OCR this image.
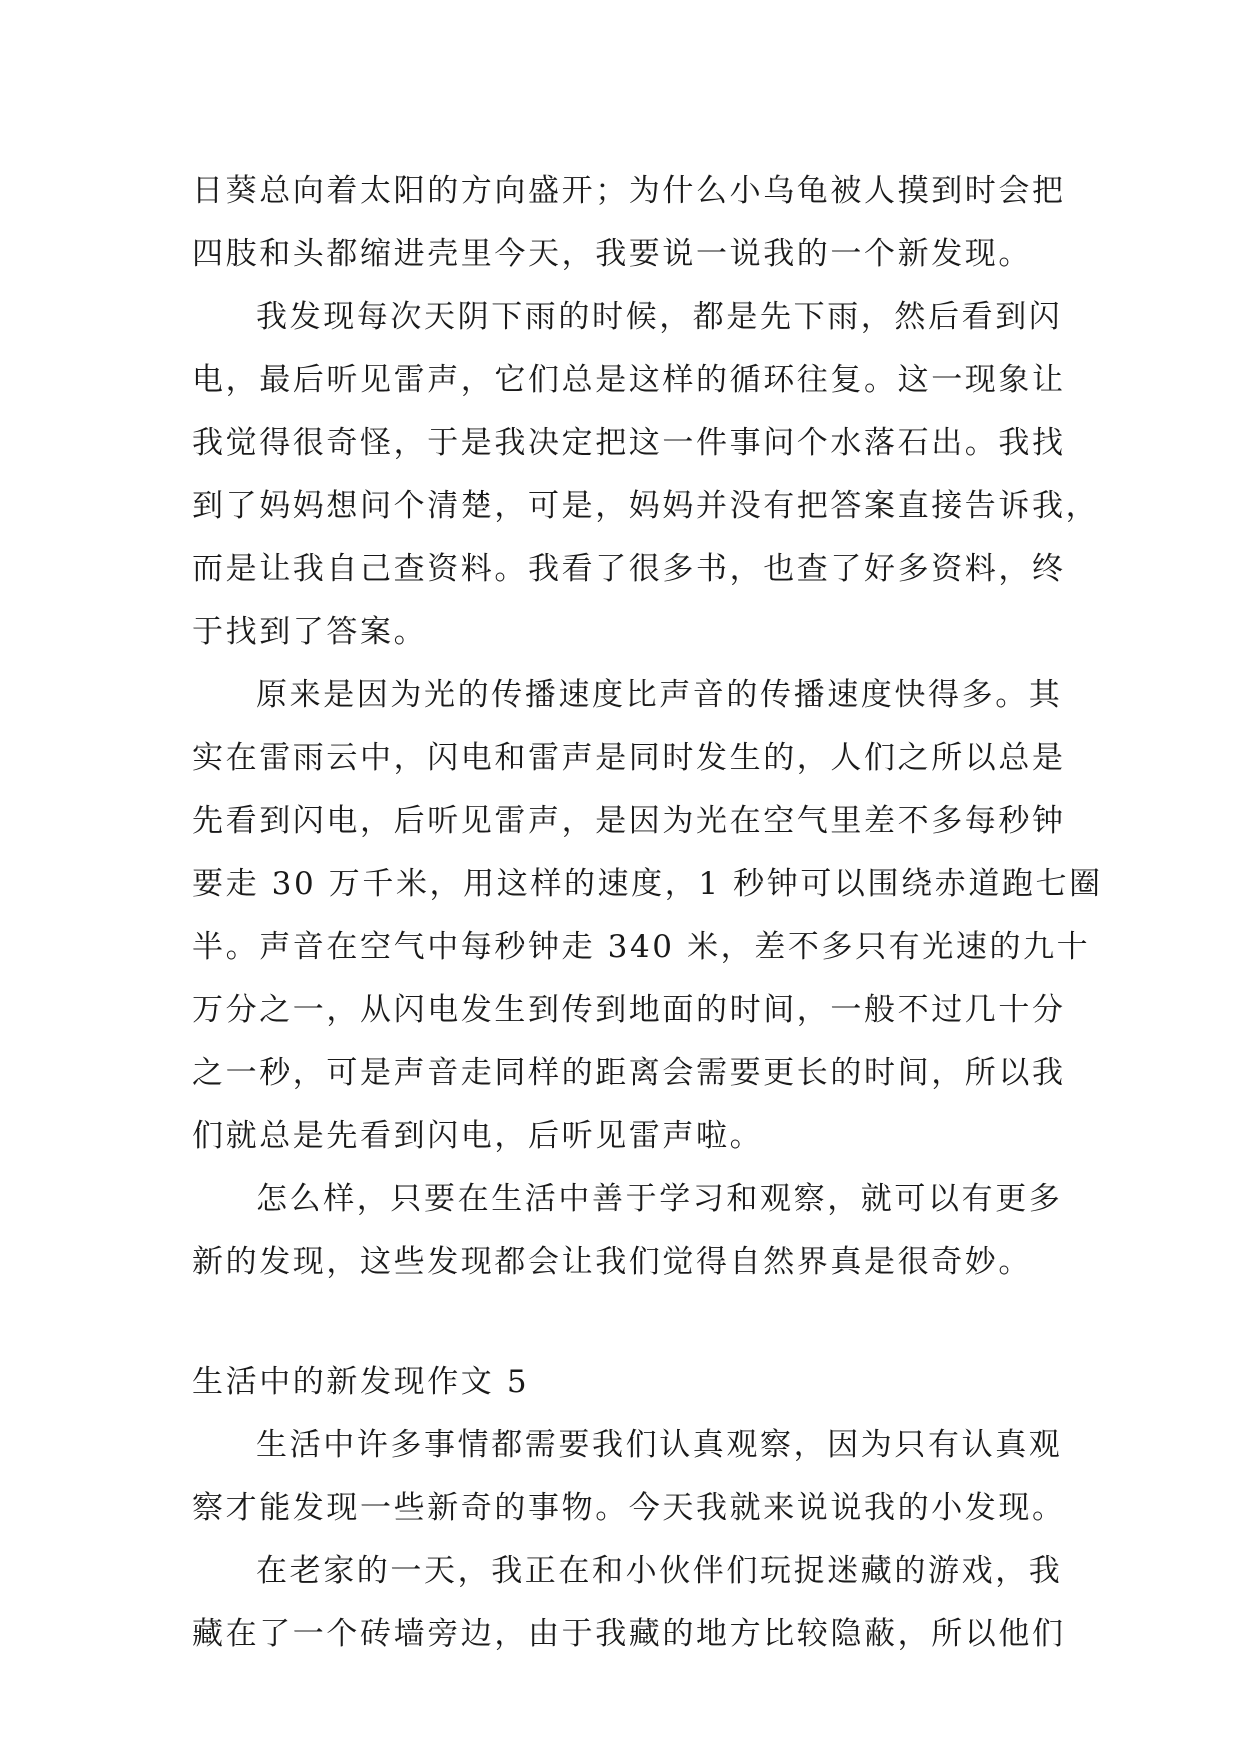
日葵总向着太阳的方向盛开；为什么小乌龟被人摸到时会把
四肢和头都缩进壳里今天，我要说一说我的一个新发现。
我发现每次天阴下雨的时候，都是先下雨，然后看到闪
电，最后听见雷声，它们总是这样的循环往复。这一现象让
我觉得很奇怪，于是我决定把这一件事问个水落石出。我找
到了妈妈想问个清楚，可是，妈妈并没有把答案直接告诉我，
而是让我自己查资料。我看了很多书，也查了好多资料，终
于找到了答案。
原来是因为光的传播速度比声音的传播速度快得多。其
实在雷雨云中，闪电和雷声是同时发生的，人们之所以总是
先看到闪电，后听见雷声，是因为光在空气里差不多每秒钟
要走 30 万千米，用这样的速度，1 秒钟可以围绕赤道跑七圈
半。声音在空气中每秒钟走 340 米，差不多只有光速的九十
万分之一，从闪电发生到传到地面的时间，一般不过几十分
之一秒，可是声音走同样的距离会需要更长的时间，所以我
们就总是先看到闪电，后听见雷声啦。
怎么样，只要在生活中善于学习和观察，就可以有更多
新的发现，这些发现都会让我们觉得自然界真是很奇妙。
生活中的新发现作文 5
生活中许多事情都需要我们认真观察，因为只有认真观
察才能发现一些新奇的事物。今天我就来说说我的小发现。
在老家的一天，我正在和小伙伴们玩捉迷藏的游戏，我
藏在了一个砖墙旁边，由于我藏的地方比较隐蔽，所以他们
